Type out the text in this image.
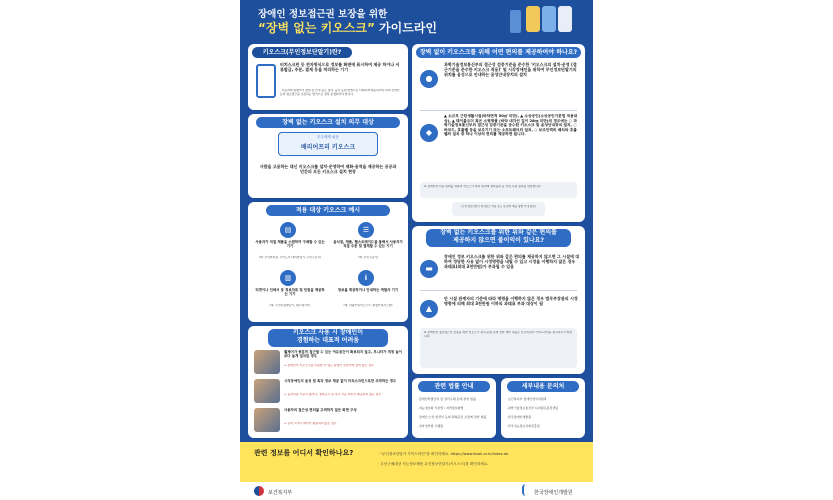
장애인 정보접근권 보장을 위한
“장벽 없는 키오스크” 가이드라인
키오스크(무인정보단말기)란?
터치스크린 등 전자방식으로 정보를 화면에 표시하여 제공 하거나 서류발급, 주문, 결제 등을 처리하는 기기
· 이용자의 방향인식 방법 및 안내 등은 점자, 음성 등의 방법으로 다양하게 제공되어야 하며 장애인 등의 정보접근을 보장하는 방식으로 설치·운영되어야 합니다.
장벽 없는 키오스크 설치 의무 대상
모두에게 쉬운
배리어프리 키오스크
사람을 고용하는 대신 키오스크를 설치·운영하여 재화·용역을 제공하는 공공과 민간의 모든 키오스크 설치 현장
적용 대상 키오스크 예시
▤
사용자가 직접 제품을 스캔하여 구매할 수 있는 기기
(예: 무인편의점, 무인도서 대여반납기, 무인주유기)
☰
음식점, 제품, 헬스트레이드를 통해서 사용자가 직접 주문 및 결제할 수 있는 기기
(예: 무인주문기)
▥
티켓이나 인쇄서 등 정보자료 및 민원을 제공하는 기기
(예: 무인민원발급기, 셀프체크인)
i
정보를 제공하거나 안내하는 역할의 기기
(예: 관광안내키오스크, 종합안내시스템)
키오스크 사용 시 장애인이
경험하는 대표적 어려움
휠체어가 충분히 접근할 수 있는 여유공간이 확보되지 않고, 모니터가 적정 높이 보다 높게 설치된 경우
→ 장애인이 키오스크를 이용할 수 있는 환경이 갖추어져 있지 않은 경우
시각장애인의 음성 및 촉각 정보 제공 없이 터치스크린으로만 조작하는 경우
→ 음성지원 기능이 없거나, 점자표시 및 촉각 기능 버튼이 제공되지 않는 경우
사용자의 접근성 편의를 고려하지 않은 화면 구성
→ 글자 크기나 대비가 충분하지 않은 경우
장벽 없이 키오스크를 위해 어떤 편의를 제공하여야 하나요?
●
과학기술정보통신부의 접근성 검증기준을 준수한 '키오스크의 설치·운영 (접근기준을 준수한 키오스크 적용)' 및 시각장애인을 위하여 무인정보단말기의 위치를 음성으로 안내하는 음성안내장치의 설치
◆
▲ 소규모 근린생활시설(바닥면적 50㎡ 미만), ▲ 소상공인(소상공인기본법 적용대상), ▲ 테이블오더 혹은 소형제품 (바닥 대각선 길이 28㎝ 미만)의 경우에는 ○ 과학기술정보통신부의 접근성 검증기준을 준수한 키오스크 및 음성안내장치 설치, ○ 바코드, 호출벨 등을 보조기기 또는 소프트웨어의 설치, ○ 보조인력의 배치와 호출벨의 설치 중 하나 이상의 편의를 제공하면 됩니다.
※ 장애인의 이동 편의를 위하여 키오스크 설치 위치에 점자블록 등 안내 시설 설치를 권장합니다.
(무인정보단말기 설치장소 적용 유도 및 편의 제공 방법 안내 필요)
장벽 없는 키오스크를 위한 위와 같은 편의를
제공하지 않으면 불이익이 있나요?
▬
장애인 정보 키오스크를 위한 위와 같은 편의를 제공하지 않으면 그 시설에 대하여 정당한 사유 없이 시정명령을 내릴 수 있고 시정을 이행하지 않은 경우 과태료(최대 3천만원)가 부과될 수 있음
▲
안 시설 관계자의 기준에 따라 명령을 이행하지 않은 경우 법무부장관의 시정명령에 의해 최대 3천만원 이하의 과태료 부과 대상이 됨
※ 장애인의 정보접근성 보장을 위한 키오스크 설치·운영 등에 관한 세부 내용은 보건복지부 가이드라인을 참고하시기 바랍니다.
관련 법률 안내
· 장애인차별금지 및 권리구제 등에 관한 법률
· 지능정보화 기본법 / 지역정보화법
· 장애인·노인·임산부 등의 편의증진 보장에 관한 법률
· 전자정부법 시행령
세부내용 문의처
· 보건복지부 장애인권익지원과
· 과학기술정보통신부 디지털포용정책팀
· 한국장애인개발원
· 한국지능정보사회진흥원
관련 정보를 어디서 확인하나요?	· "무인정보단말기 가이드라인"을 확인하세요. https://www.kiosk.or.kr/index.do
· 우선구매대상 지능정보제품 무인정보단말기(키오스크)를 확인하세요.
보건복지부	한국장애인개발원
